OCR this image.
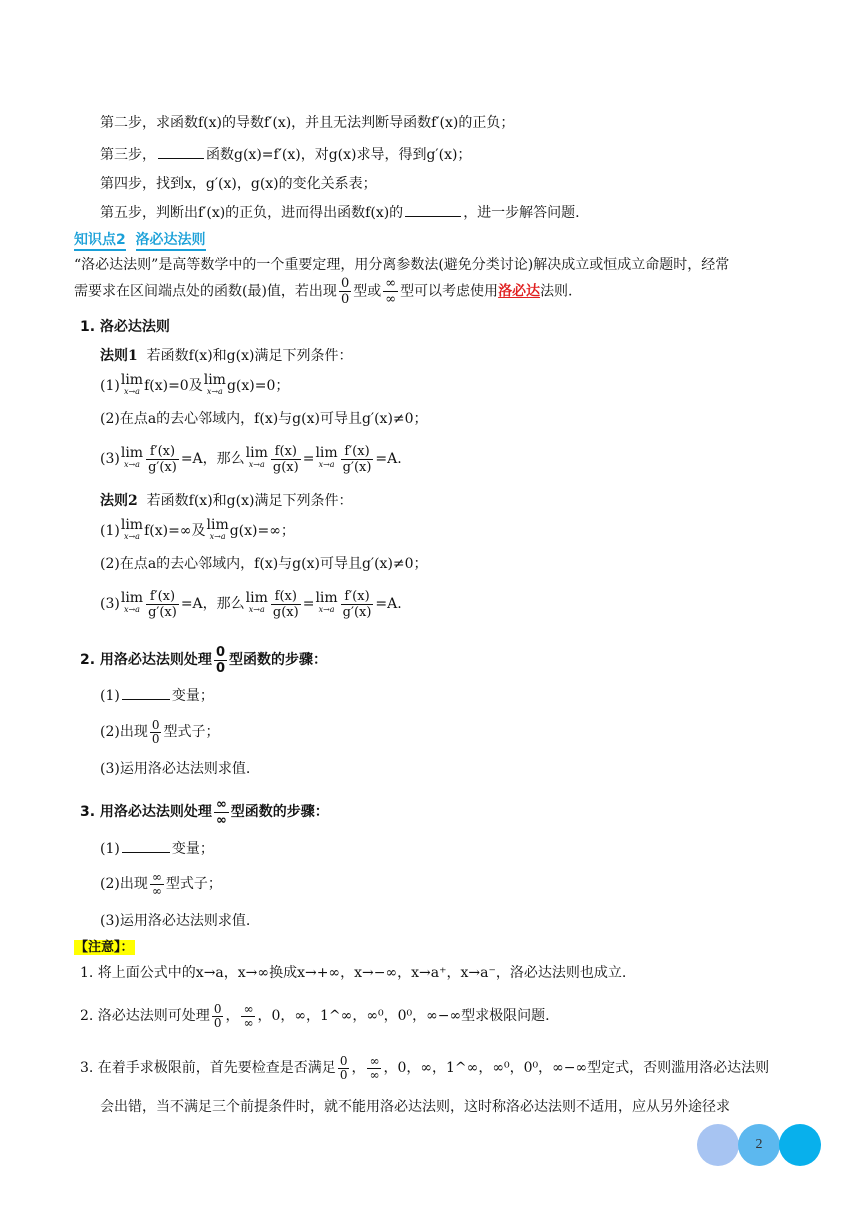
第二步，求函数f(x)的导数f′(x)，并且无法判断导函数f′(x)的正负；
第三步，	函数g(x)=f′(x)，对g(x)求导，得到g′(x)；
第四步，找到x，g′(x)，g(x)的变化关系表；
第五步，判断出f′(x)的正负，进而得出函数f(x)的	，进一步解答问题.
知识点2 洛必达法则
“洛必达法则”是高等数学中的一个重要定理，用分离参数法(避免分类讨论)解决成立或恒成立命题时，经常
需要求在区间端点处的函数(最)值，若出现 $\frac{0}{0}$ 型或 $\frac{\infty}{\infty}$ 型可以考虑使用洛必达法则.
1. 洛必达法则
法则1 若函数f(x)和g(x)满足下列条件：
(1) lim
x→a f(x)=0及 lim
x→a g(x)=0；
(2)在点a的去心邻域内，f(x)与g(x)可导且g′(x)≠0；
(3) lim
$x\to a \frac{f'(x)}{g'(x)} =A$，那么 lim
$x\to a \frac{f(x)}{g(x)} = \lim$
$x\to a \frac{f'(x)}{g'(x)} =A$.
法则2 若函数f(x)和g(x)满足下列条件：
(1) lim
x→a f(x)=∞及 lim
x→a g(x)=∞；
(2)在点a的去心邻域内，f(x)与g(x)可导且g′(x)≠0；
(3) lim
$x\to a \frac{f'(x)}{g'(x)} =A$，那么 lim
$x\to a \frac{f(x)}{g(x)} = \lim$
$x\to a \frac{f'(x)}{g'(x)} =A$.
2. 用洛必达法则处理 $\frac{0}{0}$ 型函数的步骤：
(1)	变量；
(2)出现 $\frac{0}{0}$ 型式子；
(3)运用洛必达法则求值.
3. 用洛必达法则处理 $\frac{\infty}{\infty}$ 型函数的步骤：
(1)	变量；
(2)出现 $\frac{\infty}{\infty}$ 型式子；
(3)运用洛必达法则求值.
【注意】：
1. 将上面公式中的x→a，x→∞换成x→+∞，x→−∞，x→a⁺，x→a⁻，洛必达法则也成立.
2. 洛必达法则可处理 $\frac{0}{0}$ ， $\frac{\infty}{\infty}$ ，0，∞，1^∞，∞⁰，0⁰，∞−∞型求极限问题.
3. 在着手求极限前，首先要检查是否满足 $\frac{0}{0}$ ， $\frac{\infty}{\infty}$ ，0，∞，1^∞，∞⁰，0⁰，∞−∞型定式，否则滥用洛必达法则
会出错，当不满足三个前提条件时，就不能用洛必达法则，这时称洛必达法则不适用，应从另外途径求
2
